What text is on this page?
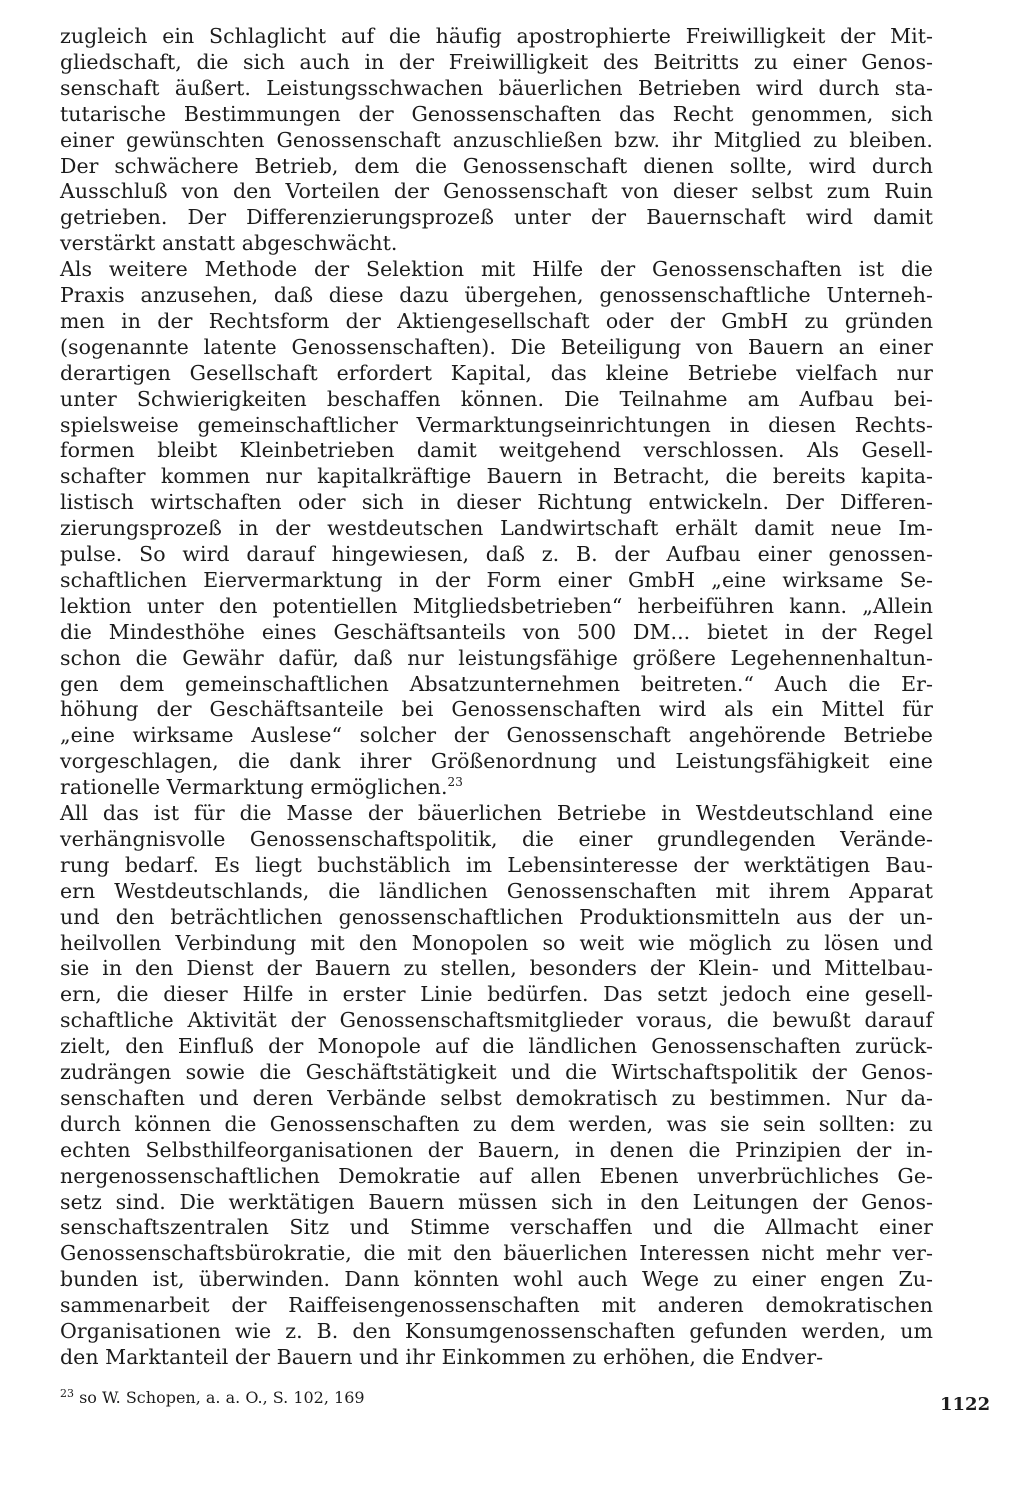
zugleich ein Schlaglicht auf die häufig apostrophierte Freiwilligkeit der Mit-
gliedschaft, die sich auch in der Freiwilligkeit des Beitritts zu einer Genos-
senschaft äußert. Leistungsschwachen bäuerlichen Betrieben wird durch sta-
tutarische Bestimmungen der Genossenschaften das Recht genommen, sich
einer gewünschten Genossenschaft anzuschließen bzw. ihr Mitglied zu bleiben.
Der schwächere Betrieb, dem die Genossenschaft dienen sollte, wird durch
Ausschluß von den Vorteilen der Genossenschaft von dieser selbst zum Ruin
getrieben. Der Differenzierungsprozeß unter der Bauernschaft wird damit
verstärkt anstatt abgeschwächt.
Als weitere Methode der Selektion mit Hilfe der Genossenschaften ist die
Praxis anzusehen, daß diese dazu übergehen, genossenschaftliche Unterneh-
men in der Rechtsform der Aktiengesellschaft oder der GmbH zu gründen
(sogenannte latente Genossenschaften). Die Beteiligung von Bauern an einer
derartigen Gesellschaft erfordert Kapital, das kleine Betriebe vielfach nur
unter Schwierigkeiten beschaffen können. Die Teilnahme am Aufbau bei-
spielsweise gemeinschaftlicher Vermarktungseinrichtungen in diesen Rechts-
formen bleibt Kleinbetrieben damit weitgehend verschlossen. Als Gesell-
schafter kommen nur kapitalkräftige Bauern in Betracht, die bereits kapita-
listisch wirtschaften oder sich in dieser Richtung entwickeln. Der Differen-
zierungsprozeß in der westdeutschen Landwirtschaft erhält damit neue Im-
pulse. So wird darauf hingewiesen, daß z. B. der Aufbau einer genossen-
schaftlichen Eiervermarktung in der Form einer GmbH „eine wirksame Se-
lektion unter den potentiellen Mitgliedsbetrieben“ herbeiführen kann. „Allein
die Mindesthöhe eines Geschäftsanteils von 500 DM... bietet in der Regel
schon die Gewähr dafür, daß nur leistungsfähige größere Legehennenhaltun-
gen dem gemeinschaftlichen Absatzunternehmen beitreten.“ Auch die Er-
höhung der Geschäftsanteile bei Genossenschaften wird als ein Mittel für
„eine wirksame Auslese“ solcher der Genossenschaft angehörende Betriebe
vorgeschlagen, die dank ihrer Größenordnung und Leistungsfähigkeit eine
rationelle Vermarktung ermöglichen.$^{23}$
All das ist für die Masse der bäuerlichen Betriebe in Westdeutschland eine
verhängnisvolle Genossenschaftspolitik, die einer grundlegenden Verände-
rung bedarf. Es liegt buchstäblich im Lebensinteresse der werktätigen Bau-
ern Westdeutschlands, die ländlichen Genossenschaften mit ihrem Apparat
und den beträchtlichen genossenschaftlichen Produktionsmitteln aus der un-
heilvollen Verbindung mit den Monopolen so weit wie möglich zu lösen und
sie in den Dienst der Bauern zu stellen, besonders der Klein- und Mittelbau-
ern, die dieser Hilfe in erster Linie bedürfen. Das setzt jedoch eine gesell-
schaftliche Aktivität der Genossenschaftsmitglieder voraus, die bewußt darauf
zielt, den Einfluß der Monopole auf die ländlichen Genossenschaften zurück-
zudrängen sowie die Geschäftstätigkeit und die Wirtschaftspolitik der Genos-
senschaften und deren Verbände selbst demokratisch zu bestimmen. Nur da-
durch können die Genossenschaften zu dem werden, was sie sein sollten: zu
echten Selbsthilfeorganisationen der Bauern, in denen die Prinzipien der in-
nergenossenschaftlichen Demokratie auf allen Ebenen unverbrüchliches Ge-
setz sind. Die werktätigen Bauern müssen sich in den Leitungen der Genos-
senschaftszentralen Sitz und Stimme verschaffen und die Allmacht einer
Genossenschaftsbürokratie, die mit den bäuerlichen Interessen nicht mehr ver-
bunden ist, überwinden. Dann könnten wohl auch Wege zu einer engen Zu-
sammenarbeit der Raiffeisengenossenschaften mit anderen demokratischen
Organisationen wie z. B. den Konsumgenossenschaften gefunden werden, um
den Marktanteil der Bauern und ihr Einkommen zu erhöhen, die Endver-
$^{23}$ so W. Schopen, a. a. O., S. 102, 169	1122
